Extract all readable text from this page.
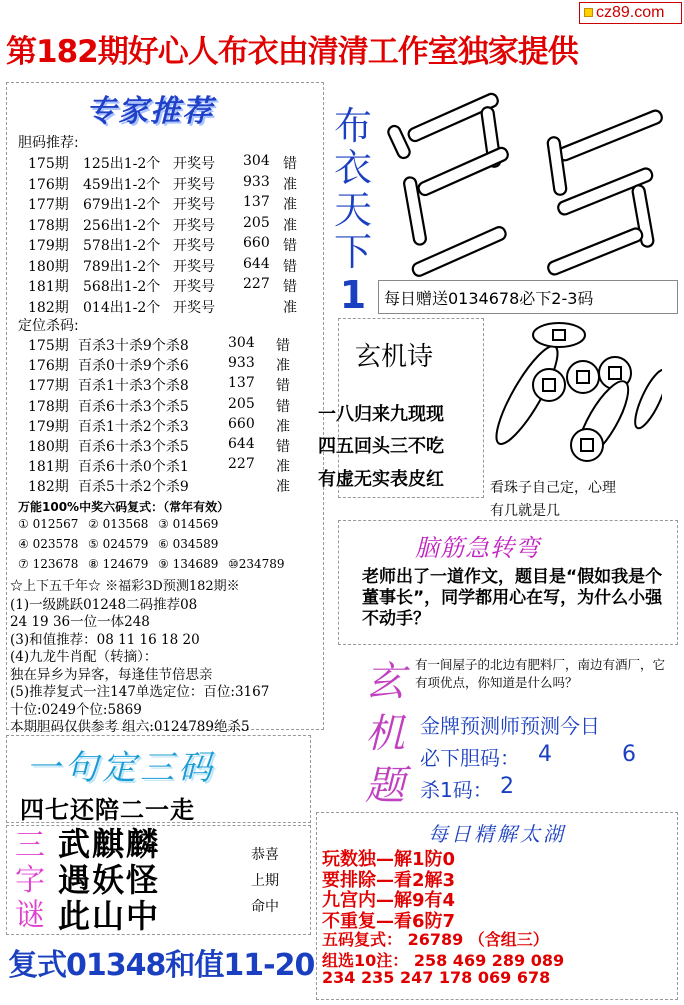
cz89.com
第182期好心人布衣由清清工作室独家提供
专家推荐
胆码推荐:
175期 125出1-2个 开奖号 304 错
176期 459出1-2个 开奖号 933 准
177期 679出1-2个 开奖号 137 准
178期 256出1-2个 开奖号 205 准
179期 578出1-2个 开奖号 660 错
180期 789出1-2个 开奖号 644 错
181期 568出1-2个 开奖号 227 错
182期 014出1-2个 开奖号	准
定位杀码:
175期 百杀3十杀9个杀8	304 错
176期 百杀0十杀9个杀6	933 准
177期 百杀1十杀3个杀8	137 错
178期 百杀6十杀3个杀5	205 错
179期 百杀1十杀2个杀3	660 准
180期 百杀6十杀3个杀5	644 错
181期 百杀6十杀0个杀1	227 准
182期 百杀5十杀2个杀9	准
万能100%中奖六码复式：（常年有效）
① 012567 ② 013568 ③ 014569
④ 023578 ⑤ 024579 ⑥ 034589
⑦ 123678 ⑧ 124679 ⑨ 134689 ⑩234789
☆上下五千年☆ ※福彩3D预测182期※
(1)一级跳跃01248二码推荐08
24 19 36一位一体248
(3)和值推荐：08 11 16 18 20
(4)九龙牛肖配（转摘）：
独在异乡为异客，每逢佳节倍思亲
(5)推荐复式一注147单选定位：百位:3167
十位:0249个位:5869
本期胆码仅供参考 组六:0124789绝杀5
布
衣
天
下
1	每日赠送0134678必下2-3码
玄机诗
一八归来九现现
四五回头三不吃
有虚无实表皮红	看珠子自己定，心理
有几就是几
脑筋急转弯
老师出了一道作文，题目是“假如我是个董事长”，同学都用心在写，为什么小强不动手？
玄
机
题
有一间屋子的北边有肥料厂，南边有酒厂，它有项优点，你知道是什么吗？
金牌预测师预测今日
必下胆码： 4	6
杀1码： 2
一句定三码
四七还陪二一走
三
字
谜
武麒麟
遇妖怪
此山中
恭喜
上期
命中
复式01348和值11-20
每日精解太湖
玩数独—解1防0
要排除—看2解3
九宫内—解9有4
不重复—看6防7
五码复式： 26789 （含组三）
组选10注： 258 469 289 089
234 235 247 178 069 678
